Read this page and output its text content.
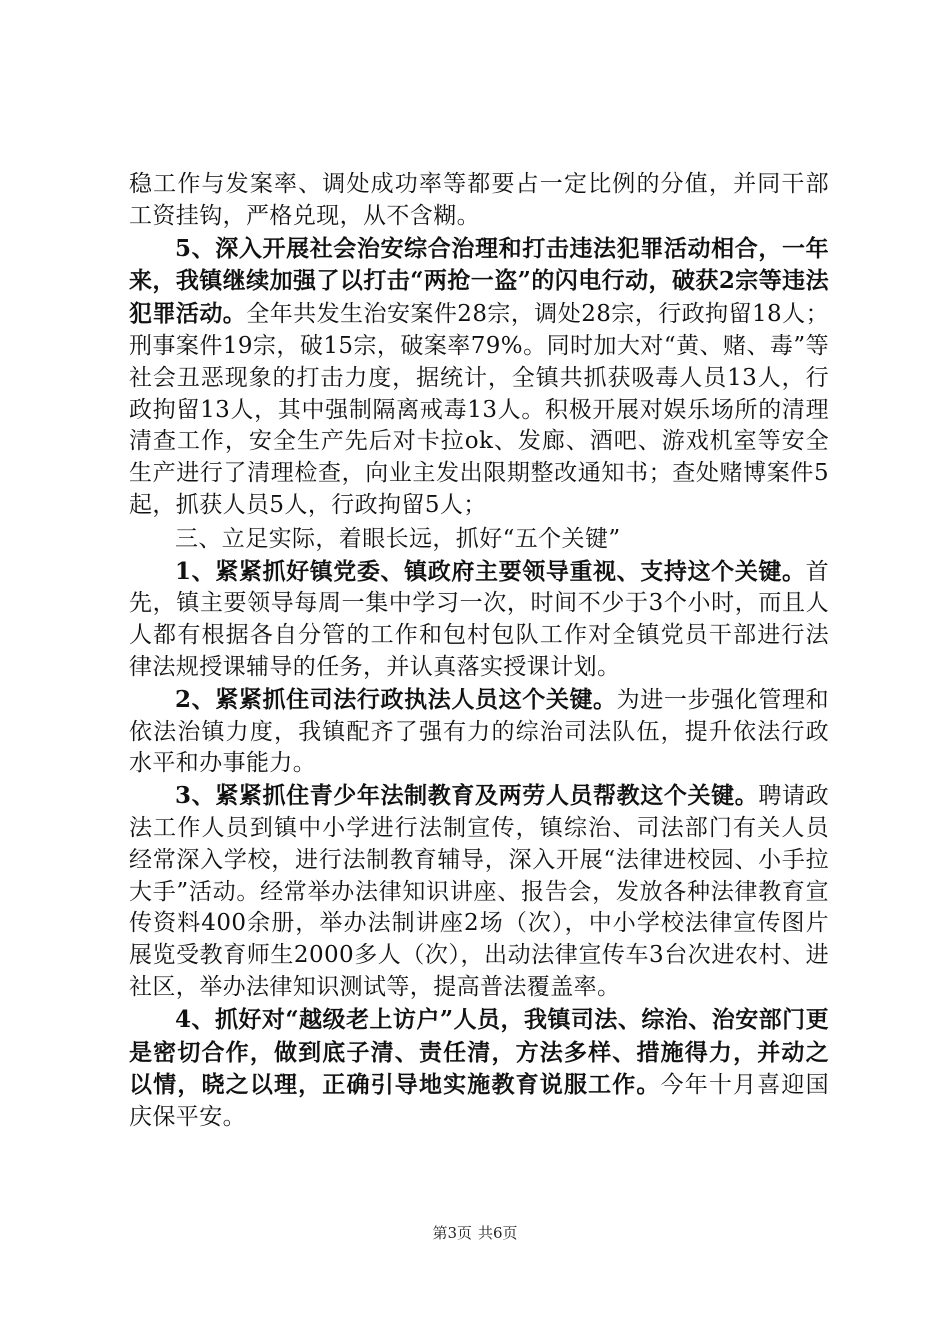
稳工作与发案率、调处成功率等都要占一定比例的分值，并同干部工资挂钩，严格兑现，从不含糊。

5、深入开展社会治安综合治理和打击违法犯罪活动相合，一年来，我镇继续加强了以打击“两抢一盗”的闪电行动，破获2宗等违法犯罪活动。全年共发生治安案件28宗，调处28宗，行政拘留18人；刑事案件19宗，破15宗，破案率79%。同时加大对“黄、赌、毒”等社会丑恶现象的打击力度，据统计，全镇共抓获吸毒人员13人，行政拘留13人，其中强制隔离戒毒13人。积极开展对娱乐场所的清理清查工作，安全生产先后对卡拉ok、发廊、酒吧、游戏机室等安全生产进行了清理检查，向业主发出限期整改通知书；查处赌博案件5起，抓获人员5人，行政拘留5人；

三、立足实际，着眼长远，抓好“五个关键”

1、紧紧抓好镇党委、镇政府主要领导重视、支持这个关键。首先，镇主要领导每周一集中学习一次，时间不少于3个小时，而且人人都有根据各自分管的工作和包村包队工作对全镇党员干部进行法律法规授课辅导的任务，并认真落实授课计划。

2、紧紧抓住司法行政执法人员这个关键。为进一步强化管理和依法治镇力度，我镇配齐了强有力的综治司法队伍，提升依法行政水平和办事能力。

3、紧紧抓住青少年法制教育及两劳人员帮教这个关键。聘请政法工作人员到镇中小学进行法制宣传，镇综治、司法部门有关人员经常深入学校，进行法制教育辅导，深入开展“法律进校园、小手拉大手”活动。经常举办法律知识讲座、报告会，发放各种法律教育宣传资料400余册，举办法制讲座2场（次），中小学校法律宣传图片展览受教育师生2000多人（次），出动法律宣传车3台次进农村、进社区，举办法律知识测试等，提高普法覆盖率。

4、抓好对“越级老上访户”人员，我镇司法、综治、治安部门更是密切合作，做到底子清、责任清，方法多样、措施得力，并动之以情，晓之以理，正确引导地实施教育说服工作。今年十月喜迎国庆保平安。

第3页 共6页
